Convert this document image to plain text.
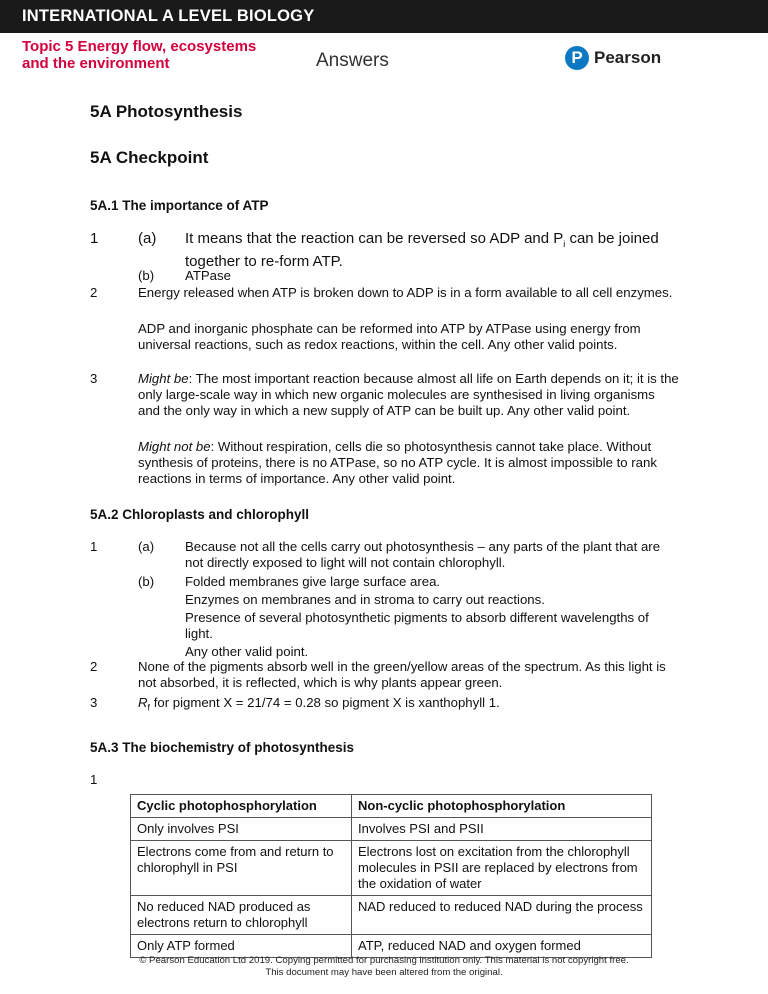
INTERNATIONAL A LEVEL BIOLOGY
Topic 5 Energy flow, ecosystems
and the environment	Answers	P Pearson
5A Photosynthesis
5A Checkpoint
5A.1 The importance of ATP
1	(a) It means that the reaction can be reversed so ADP and $P_i$ can be joined together to re-form ATP.
(b) ATPase
2	Energy released when ATP is broken down to ADP is in a form available to all cell enzymes.
ADP and inorganic phosphate can be reformed into ATP by ATPase using energy from universal reactions, such as redox reactions, within the cell. Any other valid points.
3	Might be: The most important reaction because almost all life on Earth depends on it; it is the only large-scale way in which new organic molecules are synthesised in living organisms and the only way in which a new supply of ATP can be built up. Any other valid point.
Might not be: Without respiration, cells die so photosynthesis cannot take place. Without synthesis of proteins, there is no ATPase, so no ATP cycle. It is almost impossible to rank reactions in terms of importance. Any other valid point.
5A.2 Chloroplasts and chlorophyll
1	(a) Because not all the cells carry out photosynthesis – any parts of the plant that are not directly exposed to light will not contain chlorophyll.
(b) Folded membranes give large surface area.
Enzymes on membranes and in stroma to carry out reactions.
Presence of several photosynthetic pigments to absorb different wavelengths of light.
Any other valid point.
2	None of the pigments absorb well in the green/yellow areas of the spectrum. As this light is not absorbed, it is reflected, which is why plants appear green.
3	$R_f$ for pigment X = 21/74 = 0.28 so pigment X is xanthophyll 1.
5A.3 The biochemistry of photosynthesis
1
Cyclic photophosphorylation	Non-cyclic photophosphorylation
Only involves PSI	Involves PSI and PSII
Electrons come from and return to chlorophyll in PSI	Electrons lost on excitation from the chlorophyll molecules in PSII are replaced by electrons from the oxidation of water
No reduced NAD produced as electrons return to chlorophyll	NAD reduced to reduced NAD during the process
Only ATP formed	ATP, reduced NAD and oxygen formed
© Pearson Education Ltd 2019. Copying permitted for purchasing institution only. This material is not copyright free.
This document may have been altered from the original.
